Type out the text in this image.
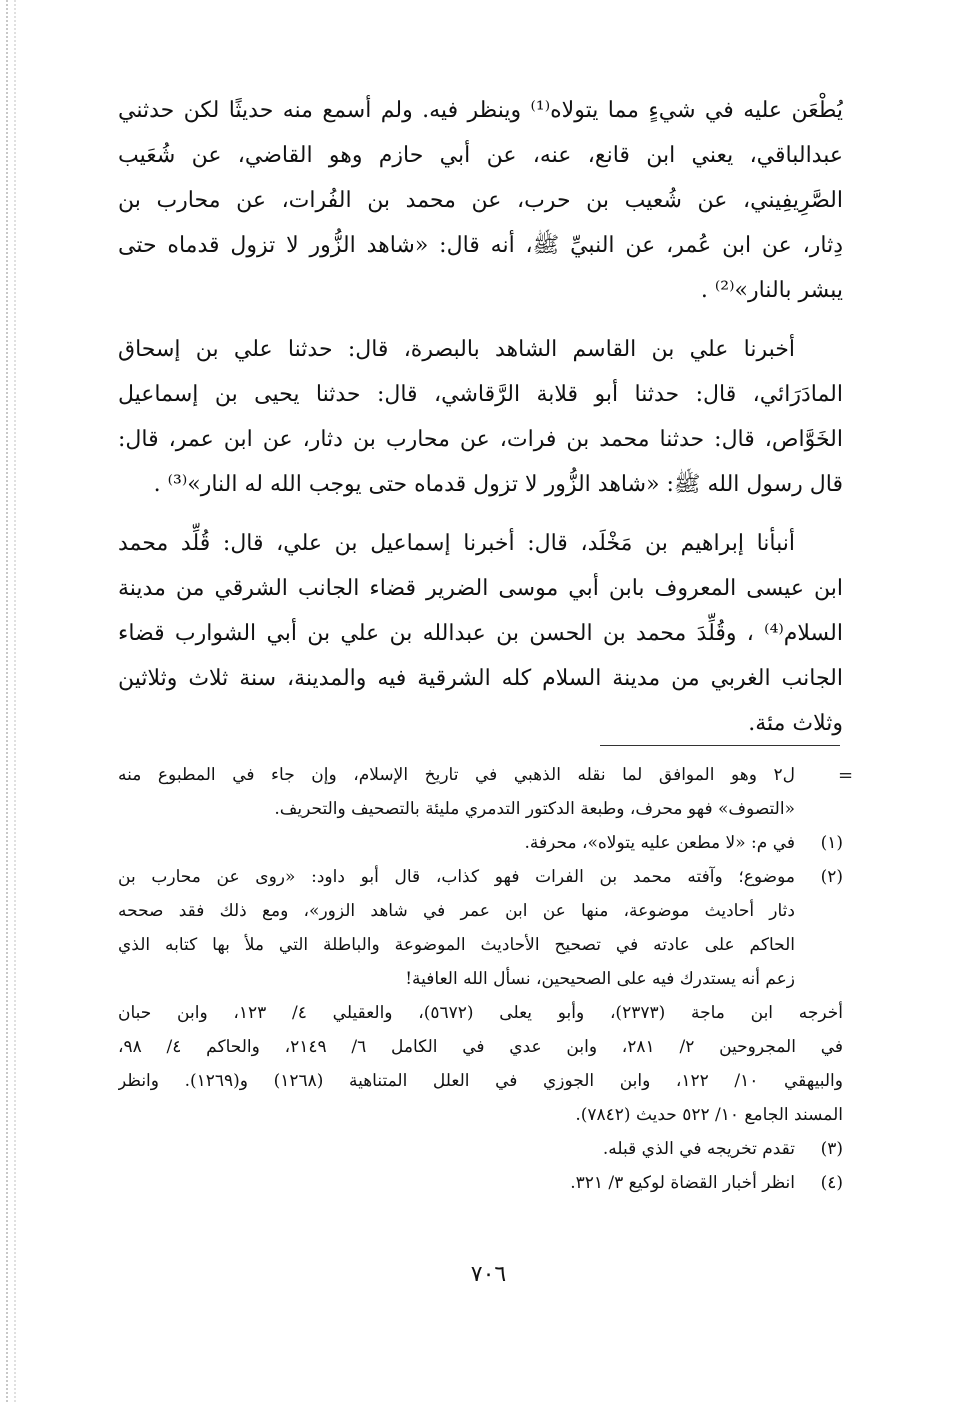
يُطْعَن عليه في شيءٍ مما يتولاه⁽¹⁾ وينظر فيه. ولم أسمع منه حديثًا لكن حدثني
عبدالباقي، يعني ابن قانع، عنه، عن أبي حازم وهو القاضي، عن شُعَيب
الصَّرِيفِيني، عن شُعيب بن حرب، عن محمد بن الفُرات، عن محارب بن
دِثار، عن ابن عُمر، عن النبيِّ ﷺ، أنه قال: «شاهد الزُّور لا تزول قدماه حتى
يبشر بالنار»⁽²⁾ .

أخبرنا علي بن القاسم الشاهد بالبصرة، قال: حدثنا علي بن إسحاق
المادَرَائي، قال: حدثنا أبو قلابة الرَّقاشي، قال: حدثنا يحيى بن إسماعيل
الخَوَّاص، قال: حدثنا محمد بن فرات، عن محارب بن دثار، عن ابن عمر، قال:
قال رسول الله ﷺ: «شاهد الزُّور لا تزول قدماه حتى يوجب الله له النار»⁽³⁾ .

أنبأنا إبراهيم بن مَخْلَد، قال: أخبرنا إسماعيل بن علي، قال: قُلِّد محمد
ابن عيسى المعروف بابن أبي موسى الضرير قضاء الجانب الشرقي من مدينة
السلام⁽⁴⁾ ، وقُلِّدَ محمد بن الحسن بن عبدالله بن علي بن أبي الشوارب قضاء
الجانب الغربي من مدينة السلام كله الشرقية فيه والمدينة، سنة ثلاث وثلاثين
وثلاث مئة.

=
ل٢ وهو الموافق لما نقله الذهبي في تاريخ الإسلام، وإن جاء في المطبوع منه
«التصوف» فهو محرف، وطبعة الدكتور التدمري مليئة بالتصحيف والتحريف.
(١)
في م: «لا مطعن عليه يتولاه»، محرفة.
(٢)
موضوع؛ وآفته محمد بن الفرات فهو كذاب، قال أبو داود: «روى عن محارب بن
دثار أحاديث موضوعة، منها عن ابن عمر في شاهد الزور»، ومع ذلك فقد صححه
الحاكم على عادته في تصحيح الأحاديث الموضوعة والباطلة التي ملأ بها كتابه الذي
زعم أنه يستدرك فيه على الصحيحين، نسأل الله العافية!
أخرجه ابن ماجة (٢٣٧٣)، وأبو يعلى (٥٦٧٢)، والعقيلي ٤/ ١٢٣، وابن حبان
في المجروحين ٢/ ٢٨١، وابن عدي في الكامل ٦/ ٢١٤٩، والحاكم ٤/ ٩٨،
والبيهقي ١٠/ ١٢٢، وابن الجوزي في العلل المتناهية (١٢٦٨) و(١٢٦٩). وانظر
المسند الجامع ١٠/ ٥٢٢ حديث (٧٨٤٢).
(٣)
تقدم تخريجه في الذي قبله.
(٤)
انظر أخبار القضاة لوكيع ٣/ ٣٢١.
٧٠٦
